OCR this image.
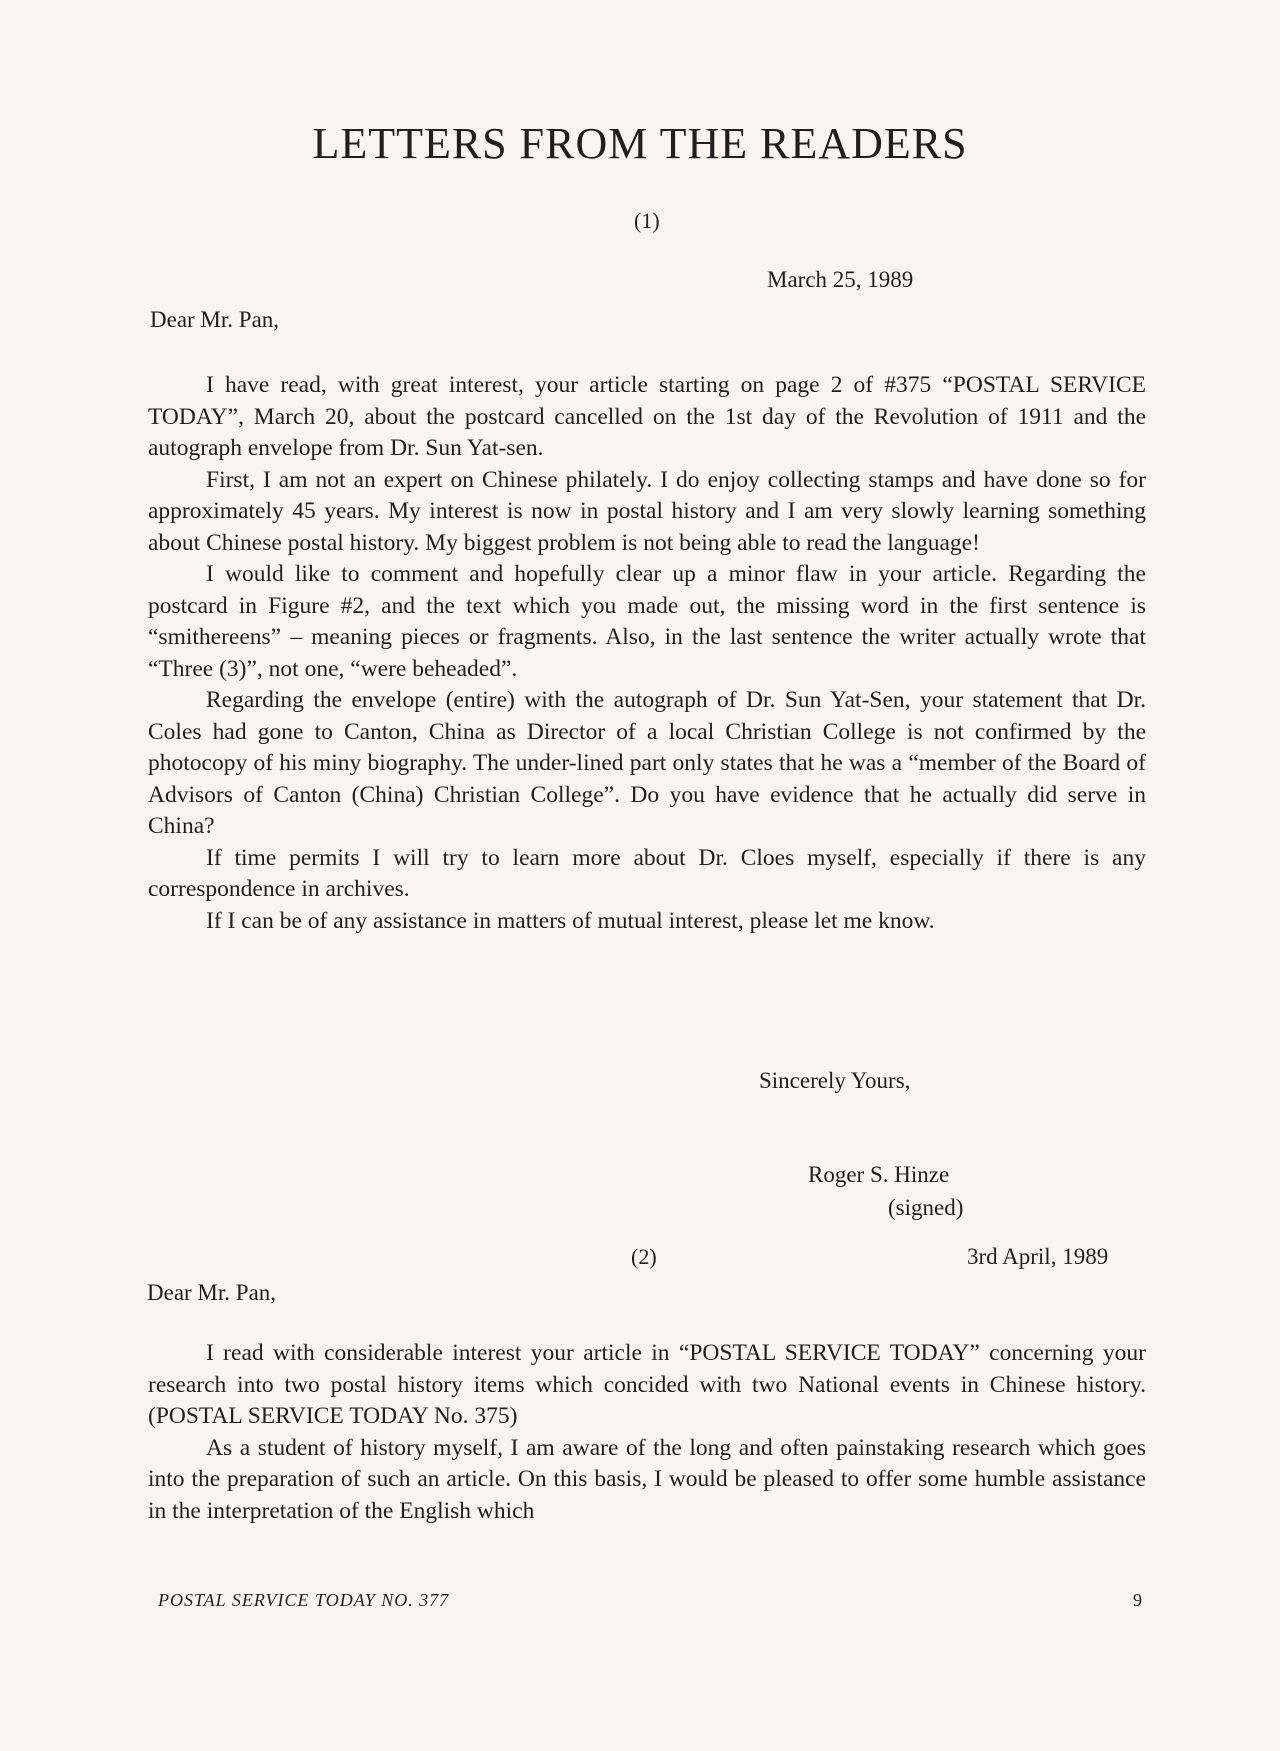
LETTERS FROM THE READERS
(1)
March 25, 1989
Dear Mr. Pan,

I have read, with great interest, your article starting on page 2 of #375 “POSTAL SERVICE TODAY”, March 20, about the postcard cancelled on the 1st day of the Revolution of 1911 and the autograph envelope from Dr. Sun Yat-sen.

First, I am not an expert on Chinese philately. I do enjoy collecting stamps and have done so for approximately 45 years. My interest is now in postal history and I am very slowly learning something about Chinese postal history. My biggest problem is not being able to read the language!

I would like to comment and hopefully clear up a minor flaw in your article. Regarding the postcard in Figure #2, and the text which you made out, the missing word in the first sentence is “smithereens” – meaning pieces or fragments. Also, in the last sentence the writer actually wrote that “Three (3)”, not one, “were beheaded”.

Regarding the envelope (entire) with the autograph of Dr. Sun Yat-Sen, your statement that Dr. Coles had gone to Canton, China as Director of a local Christian College is not confirmed by the photocopy of his miny biography. The under-lined part only states that he was a “member of the Board of Advisors of Canton (China) Christian College”. Do you have evidence that he actually did serve in China?

If time permits I will try to learn more about Dr. Cloes myself, especially if there is any correspondence in archives.

If I can be of any assistance in matters of mutual interest, please let me know.

Sincerely Yours,
Roger S. Hinze
(signed)
(2)	3rd April, 1989
Dear Mr. Pan,

I read with considerable interest your article in “POSTAL SERVICE TODAY” concerning your research into two postal history items which concided with two National events in Chinese history. (POSTAL SERVICE TODAY No. 375)

As a student of history myself, I am aware of the long and often painstaking research which goes into the preparation of such an article. On this basis, I would be pleased to offer some humble assistance in the interpretation of the English which

POSTAL SERVICE TODAY NO. 377	9
